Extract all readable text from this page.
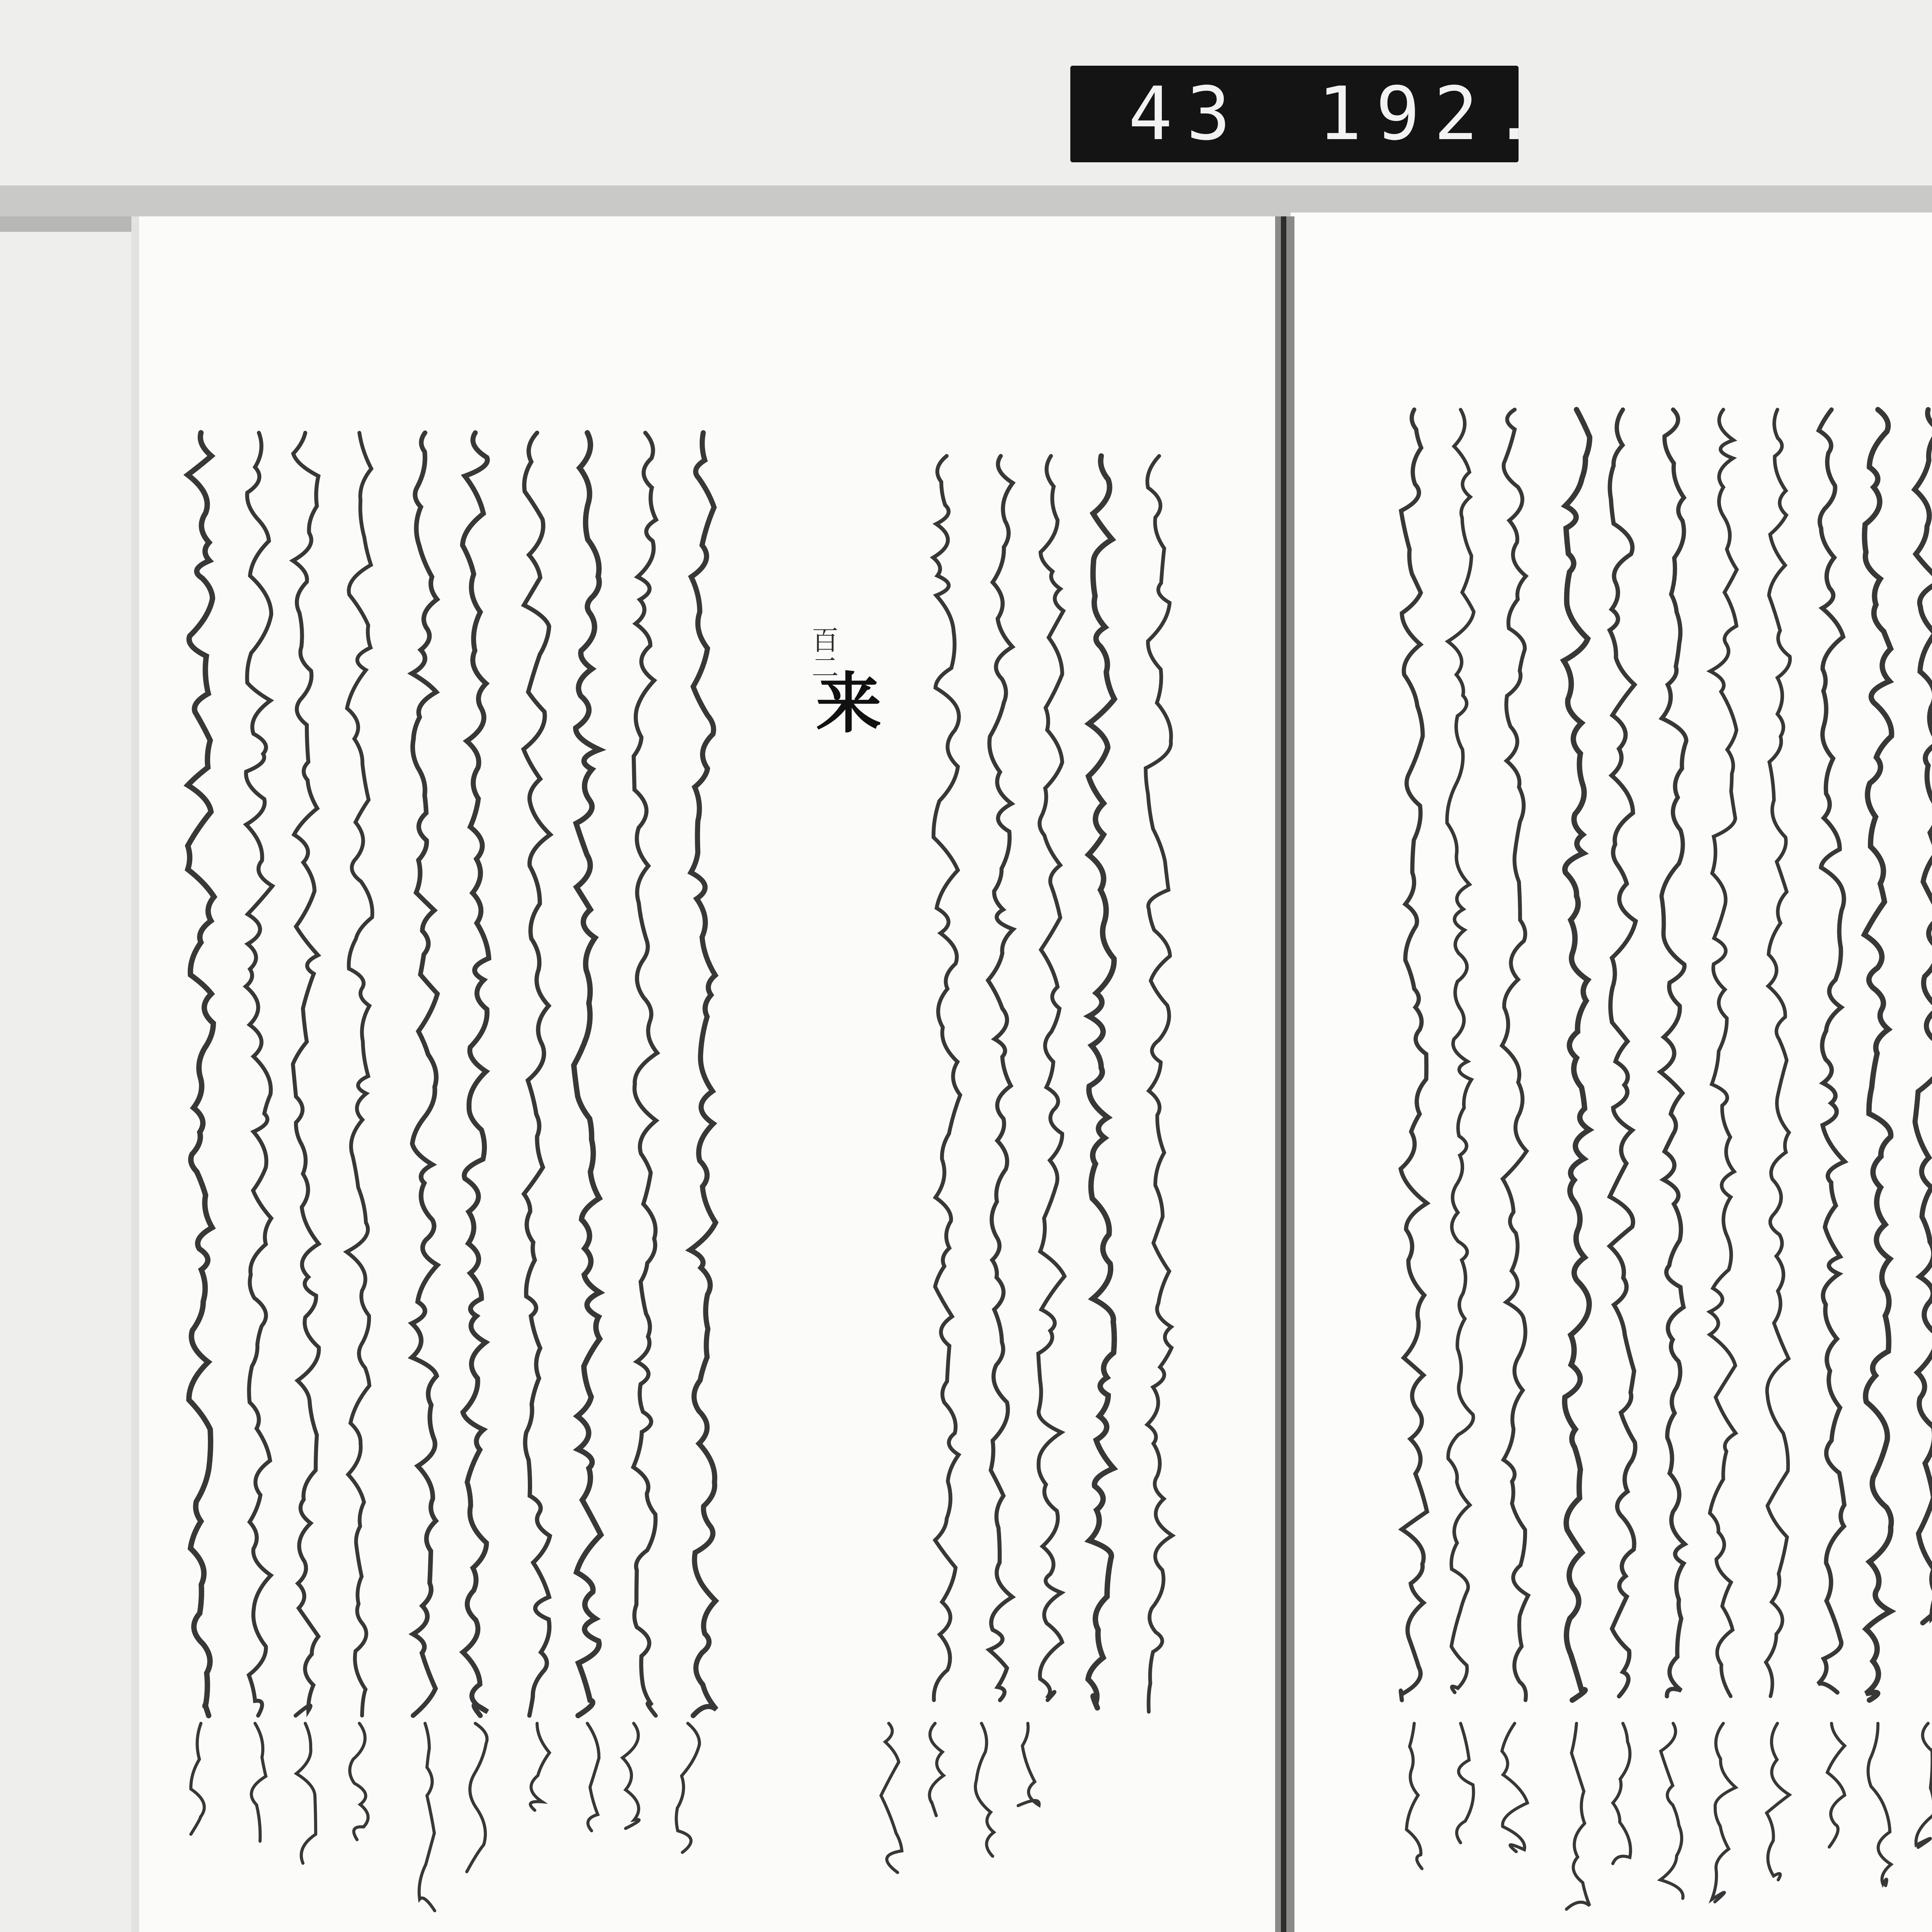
43 192.
百二
来
